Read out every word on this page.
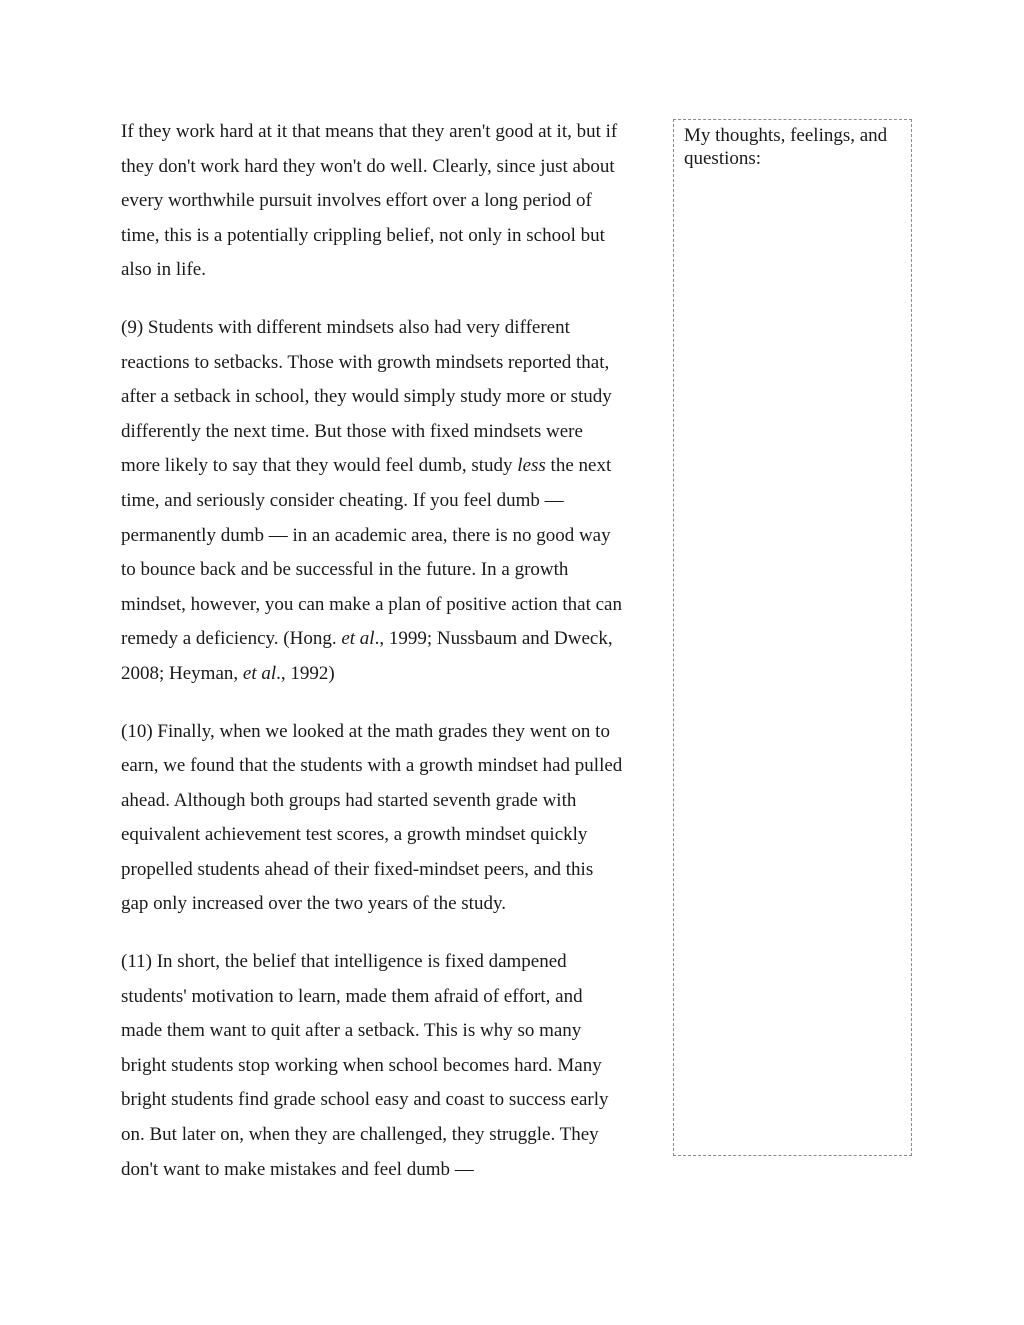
If they work hard at it that means that they aren't good at it, but if they don't work hard they won't do well. Clearly, since just about every worthwhile pursuit involves effort over a long period of time, this is a potentially crippling belief, not only in school but also in life.

(9) Students with different mindsets also had very different reactions to setbacks. Those with growth mindsets reported that, after a setback in school, they would simply study more or study differently the next time. But those with fixed mindsets were more likely to say that they would feel dumb, study less the next time, and seriously consider cheating. If you feel dumb — permanently dumb — in an academic area, there is no good way to bounce back and be successful in the future. In a growth mindset, however, you can make a plan of positive action that can remedy a deficiency. (Hong. et al., 1999; Nussbaum and Dweck, 2008; Heyman, et al., 1992)

(10) Finally, when we looked at the math grades they went on to earn, we found that the students with a growth mindset had pulled ahead. Although both groups had started seventh grade with equivalent achievement test scores, a growth mindset quickly propelled students ahead of their fixed-mindset peers, and this gap only increased over the two years of the study.

(11) In short, the belief that intelligence is fixed dampened students' motivation to learn, made them afraid of effort, and made them want to quit after a setback. This is why so many bright students stop working when school becomes hard. Many bright students find grade school easy and coast to success early on. But later on, when they are challenged, they struggle. They don't want to make mistakes and feel dumb —

My thoughts, feelings, and questions:
